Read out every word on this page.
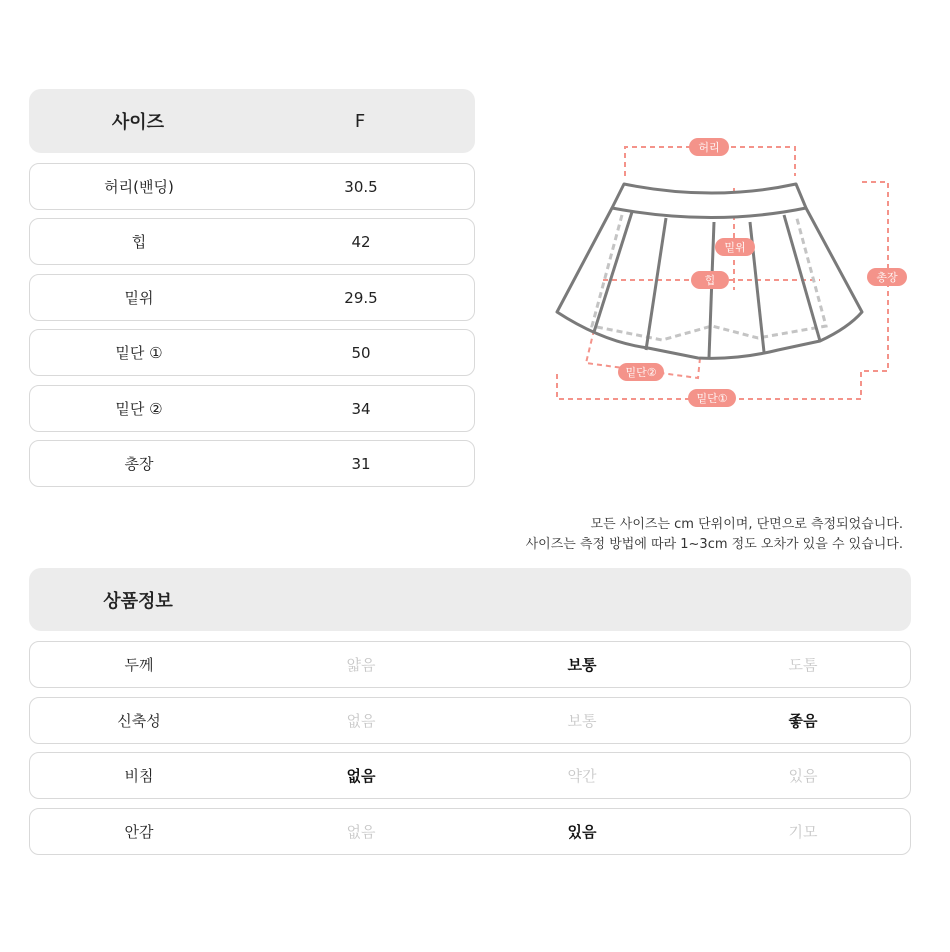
사이즈	F
허리(밴딩)	30.5
힙	42
밑위	29.5
밑단 ①	50
밑단 ②	34
총장	31
허리
밑위
힙	총장
밑단②
밑단①
모든 사이즈는 cm 단위이며, 단면으로 측정되었습니다.
사이즈는 측정 방법에 따라 1~3cm 정도 오차가 있을 수 있습니다.
상품정보
두께	얇음	보통	도톰
신축성	없음	보통	좋음
비침	없음	약간	있음
안감	없음	있음	기모
